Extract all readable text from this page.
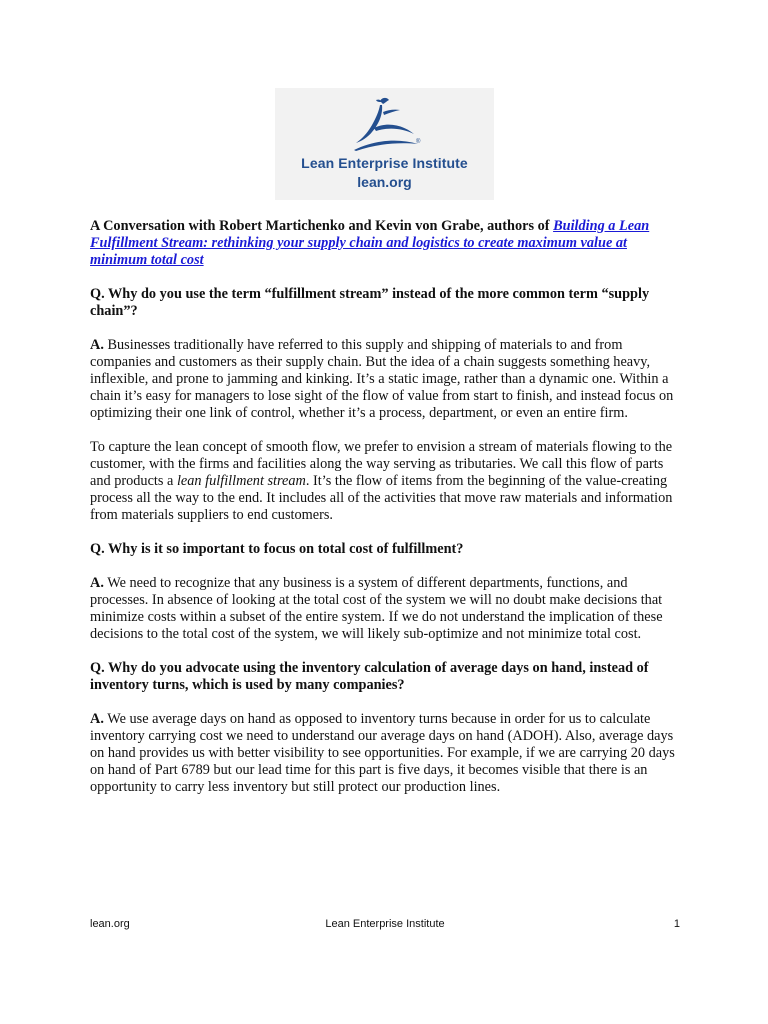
®
Lean Enterprise Institute
lean.org

A Conversation with Robert Martichenko and Kevin von Grabe, authors of Building a Lean Fulfillment Stream: rethinking your supply chain and logistics to create maximum value at minimum total cost

Q. Why do you use the term “fulfillment stream” instead of the more common term “supply chain”?

A. Businesses traditionally have referred to this supply and shipping of materials to and from companies and customers as their supply chain. But the idea of a chain suggests something heavy, inflexible, and prone to jamming and kinking. It’s a static image, rather than a dynamic one. Within a chain it’s easy for managers to lose sight of the flow of value from start to finish, and instead focus on optimizing their one link of control, whether it’s a process, department, or even an entire firm.

To capture the lean concept of smooth flow, we prefer to envision a stream of materials flowing to the customer, with the firms and facilities along the way serving as tributaries. We call this flow of parts and products a lean fulfillment stream. It’s the flow of items from the beginning of the value-creating process all the way to the end. It includes all of the activities that move raw materials and information from materials suppliers to end customers.

Q. Why is it so important to focus on total cost of fulfillment?

A. We need to recognize that any business is a system of different departments, functions, and processes. In absence of looking at the total cost of the system we will no doubt make decisions that minimize costs within a subset of the entire system. If we do not understand the implication of these decisions to the total cost of the system, we will likely sub-optimize and not minimize total cost.

Q. Why do you advocate using the inventory calculation of average days on hand, instead of inventory turns, which is used by many companies?

A. We use average days on hand as opposed to inventory turns because in order for us to calculate inventory carrying cost we need to understand our average days on hand (ADOH). Also, average days on hand provides us with better visibility to see opportunities. For example, if we are carrying 20 days on hand of Part 6789 but our lead time for this part is five days, it becomes visible that there is an opportunity to carry less inventory but still protect our production lines.

lean.org	Lean Enterprise Institute	1
